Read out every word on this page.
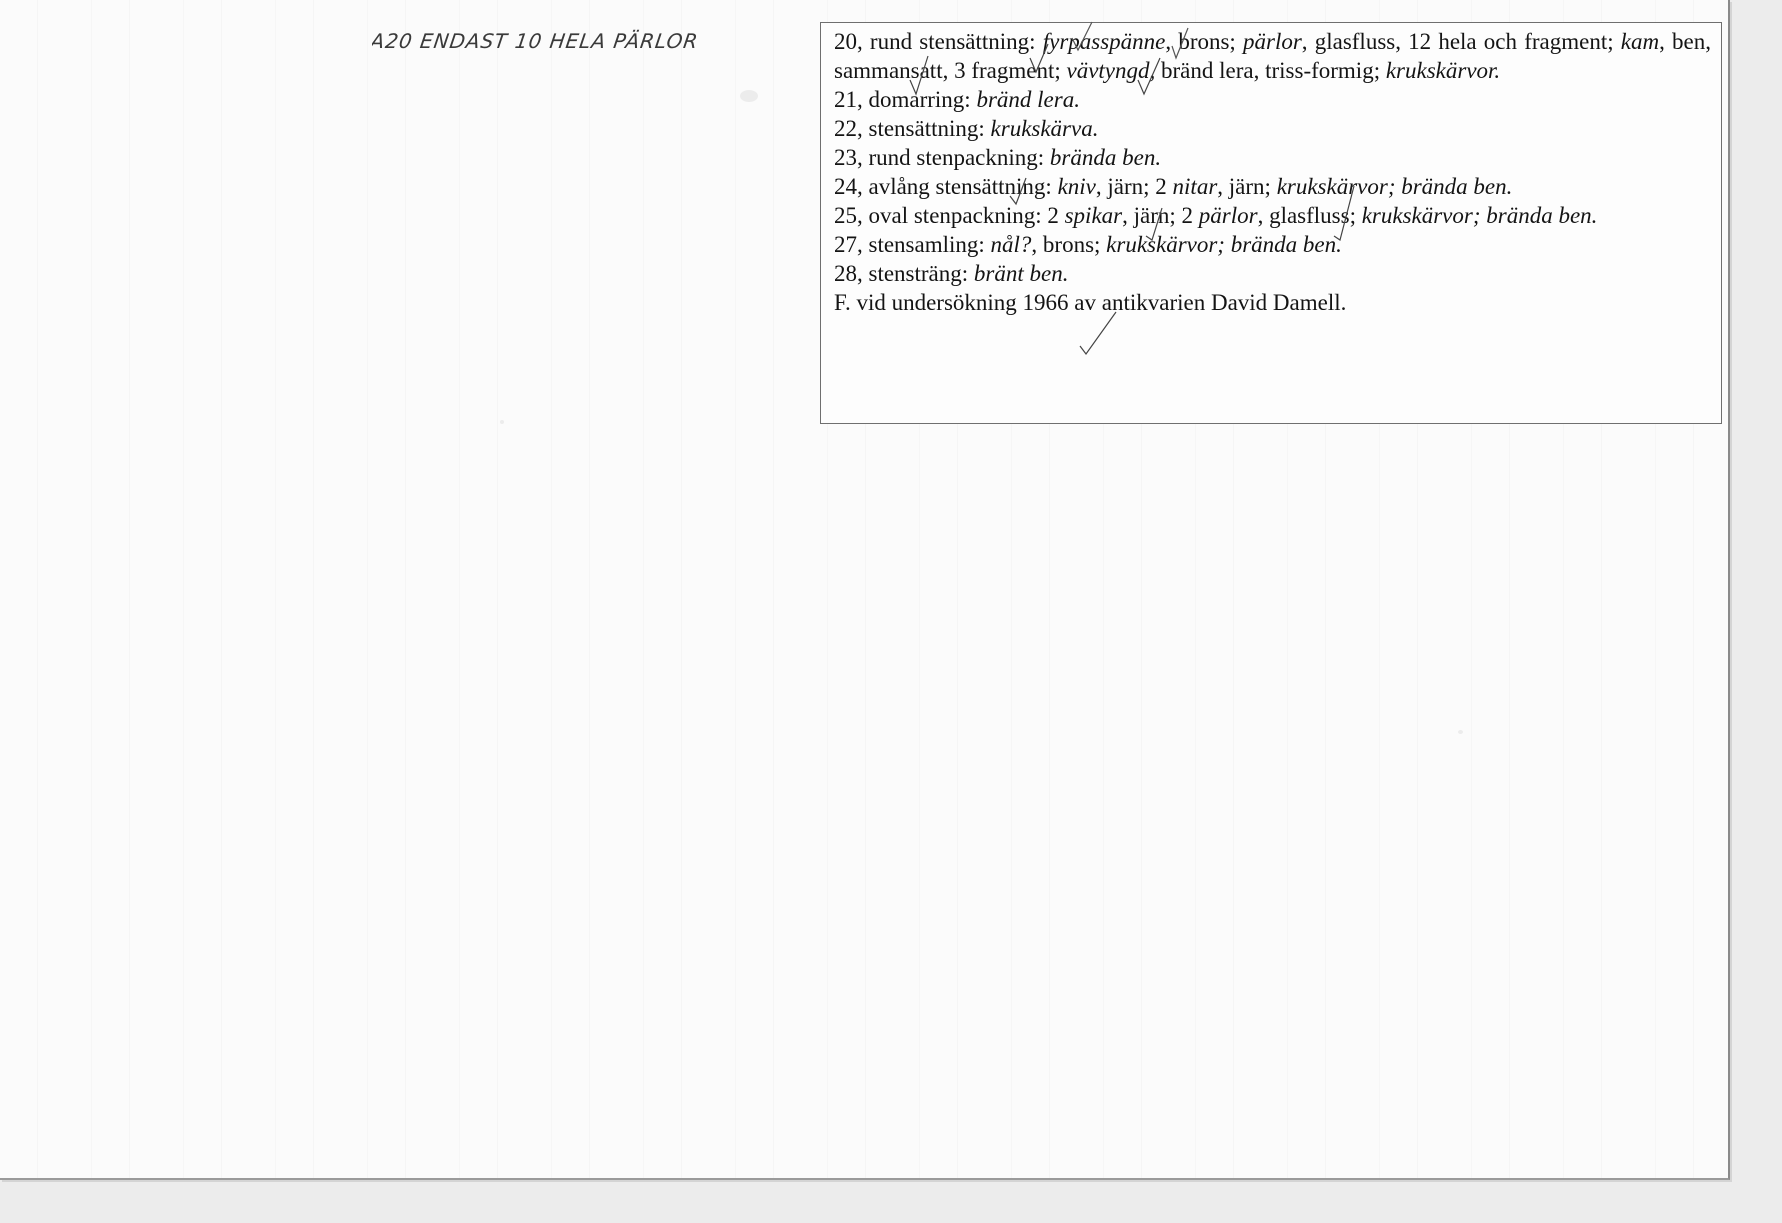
A20 ENDAST 10 HELA PÄRLOR	20, rund stensättning: fyrpasspänne, brons; pärlor, glasfluss, 12 hela och fragment; kam, ben, sammansatt, 3 fragment; vävtyngd, bränd lera, triss-formig; krukskärvor.

21, domarring: bränd lera.

22, stensättning: krukskärva.

23, rund stenpackning: brända ben.

24, avlång stensättning: kniv, järn; 2 nitar, järn; krukskärvor; brända ben.

25, oval stenpackning: 2 spikar, järn; 2 pärlor, glasfluss; krukskärvor; brända ben.

27, stensamling: nål?, brons; krukskärvor; brända ben.

28, stensträng: bränt ben.

F. vid undersökning 1966 av antikvarien David Damell.
